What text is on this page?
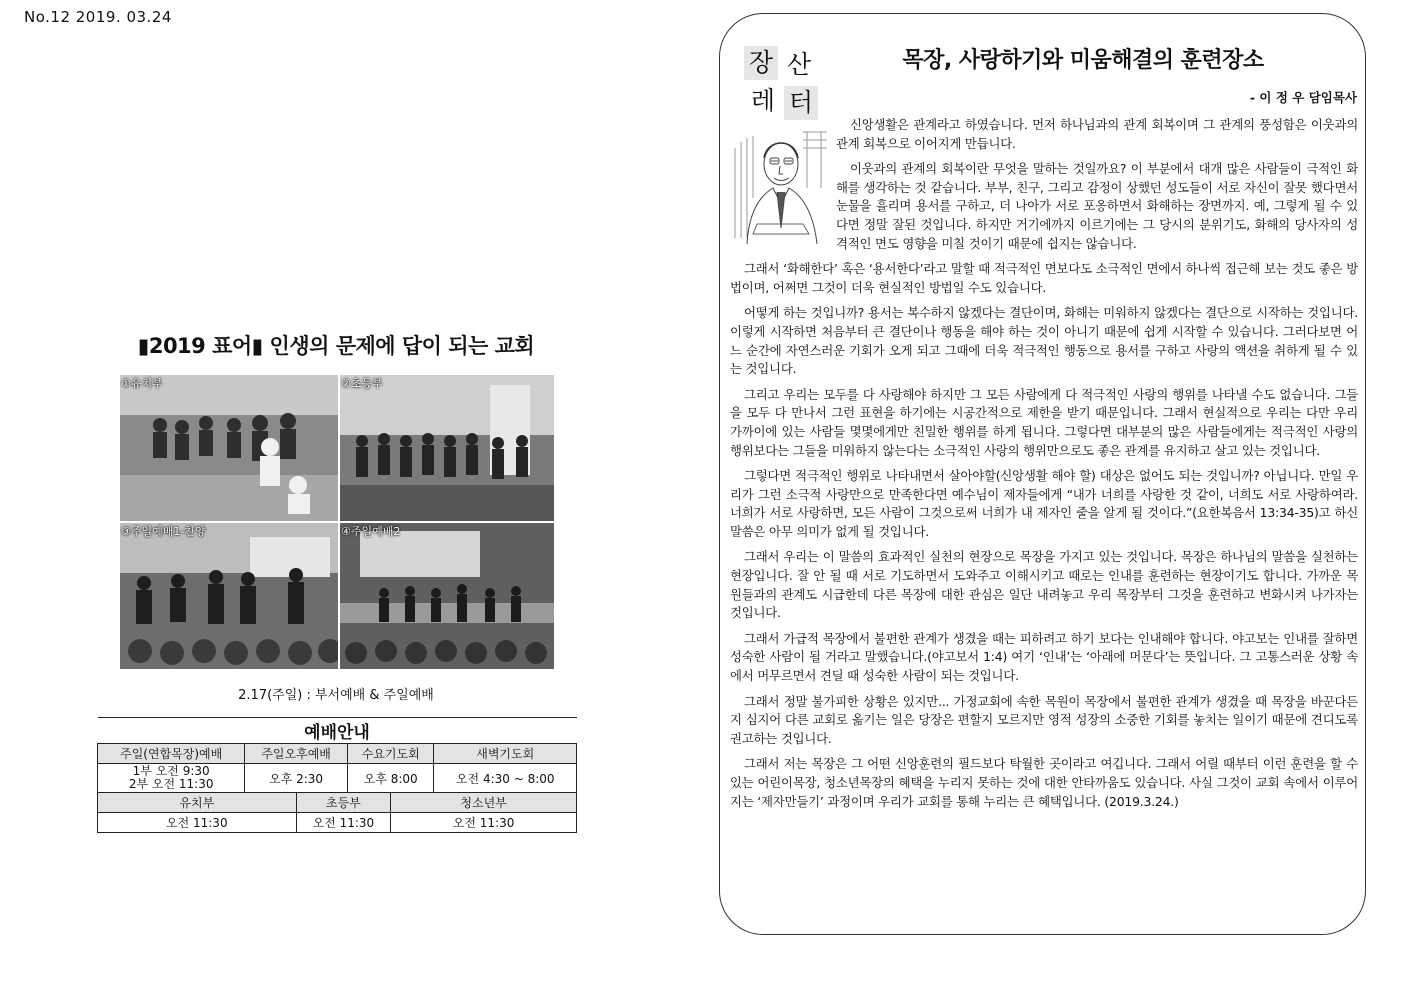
No.12 2019. 03.24
▮2019 표어▮ 인생의 문제에 답이 되는 교회
①유치부	②초등부
③주일예배1-찬양	④주일예배2
2.17(주일) : 부서예배 & 주일예배
예배안내					
주일(연합목장)예배	주일오후예배		수요기도회		새벽기도회

1부 오전 9:30
2부 오전 11:30	오후 2:30		오후 8:00		오전 4:30 ~ 8:00
유치부		초등부		청소년부	
오전 11:30		오전 11:30		오전 11:30	
장 산
레 터
목장, 사랑하기와 미움해결의 훈련장소
- 이 정 우 담임목사

신앙생활은 관계라고 하였습니다. 먼저 하나님과의 관계 회복이며 그 관계의 풍성함은 이웃과의 관계 회복으로 이어지게 만듭니다.

이웃과의 관계의 회복이란 무엇을 말하는 것일까요? 이 부분에서 대개 많은 사람들이 극적인 화해를 생각하는 것 같습니다. 부부, 친구, 그리고 감정이 상했던 성도들이 서로 자신이 잘못 했다면서 눈물을 흘리며 용서를 구하고, 더 나아가 서로 포옹하면서 화해하는 장면까지. 예, 그렇게 될 수 있다면 정말 잘된 것입니다. 하지만 거기에까지 이르기에는 그 당시의 분위기도, 화해의 당사자의 성격적인 면도 영향을 미칠 것이기 때문에 쉽지는 않습니다.

그래서 ‘화해한다’ 혹은 ‘용서한다’라고 말할 때 적극적인 면보다도 소극적인 면에서 하나씩 접근해 보는 것도 좋은 방법이며, 어쩌면 그것이 더욱 현실적인 방법일 수도 있습니다.

어떻게 하는 것입니까? 용서는 복수하지 않겠다는 결단이며, 화해는 미워하지 않겠다는 결단으로 시작하는 것입니다. 이렇게 시작하면 처음부터 큰 결단이나 행동을 해야 하는 것이 아니기 때문에 쉽게 시작할 수 있습니다. 그러다보면 어느 순간에 자연스러운 기회가 오게 되고 그때에 더욱 적극적인 행동으로 용서를 구하고 사랑의 액션을 취하게 될 수 있는 것입니다.

그리고 우리는 모두를 다 사랑해야 하지만 그 모든 사람에게 다 적극적인 사랑의 행위를 나타낼 수도 없습니다. 그들을 모두 다 만나서 그런 표현을 하기에는 시공간적으로 제한을 받기 때문입니다. 그래서 현실적으로 우리는 다만 우리 가까이에 있는 사람들 몇몇에게만 친밀한 행위를 하게 됩니다. 그렇다면 대부분의 많은 사람들에게는 적극적인 사랑의 행위보다는 그들을 미워하지 않는다는 소극적인 사랑의 행위만으로도 좋은 관계를 유지하고 살고 있는 것입니다.

그렇다면 적극적인 행위로 나타내면서 살아야할(신앙생활 해야 할) 대상은 없어도 되는 것입니까? 아닙니다. 만일 우리가 그런 소극적 사랑만으로 만족한다면 예수님이 제자들에게 “내가 너희를 사랑한 것 같이, 너희도 서로 사랑하여라. 너희가 서로 사랑하면, 모든 사람이 그것으로써 너희가 내 제자인 줄을 알게 될 것이다.”(요한복음서 13:34-35)고 하신 말씀은 아무 의미가 없게 될 것입니다.

그래서 우리는 이 말씀의 효과적인 실천의 현장으로 목장을 가지고 있는 것입니다. 목장은 하나님의 말씀을 실천하는 현장입니다. 잘 안 될 때 서로 기도하면서 도와주고 이해시키고 때로는 인내를 훈련하는 현장이기도 합니다. 가까운 목원들과의 관계도 시급한데 다른 목장에 대한 관심은 일단 내려놓고 우리 목장부터 그것을 훈련하고 변화시켜 나가자는 것입니다.

그래서 가급적 목장에서 불편한 관계가 생겼을 때는 피하려고 하기 보다는 인내해야 합니다. 야고보는 인내를 잘하면 성숙한 사람이 될 거라고 말했습니다.(야고보서 1:4) 여기 ‘인내’는 ‘아래에 머문다’는 뜻입니다. 그 고통스러운 상황 속에서 머무르면서 견딜 때 성숙한 사람이 되는 것입니다.

그래서 정말 불가피한 상황은 있지만... 가정교회에 속한 목원이 목장에서 불편한 관계가 생겼을 때 목장을 바꾼다든지 심지어 다른 교회로 옮기는 일은 당장은 편할지 모르지만 영적 성장의 소중한 기회를 놓치는 일이기 때문에 견디도록 권고하는 것입니다.

그래서 저는 목장은 그 어떤 신앙훈련의 필드보다 탁월한 곳이라고 여깁니다. 그래서 어릴 때부터 이런 훈련을 할 수 있는 어린이목장, 청소년목장의 혜택을 누리지 못하는 것에 대한 안타까움도 있습니다. 사실 그것이 교회 속에서 이루어지는 ‘제자만들기’ 과정이며 우리가 교회를 통해 누리는 큰 혜택입니다. (2019.3.24.)
